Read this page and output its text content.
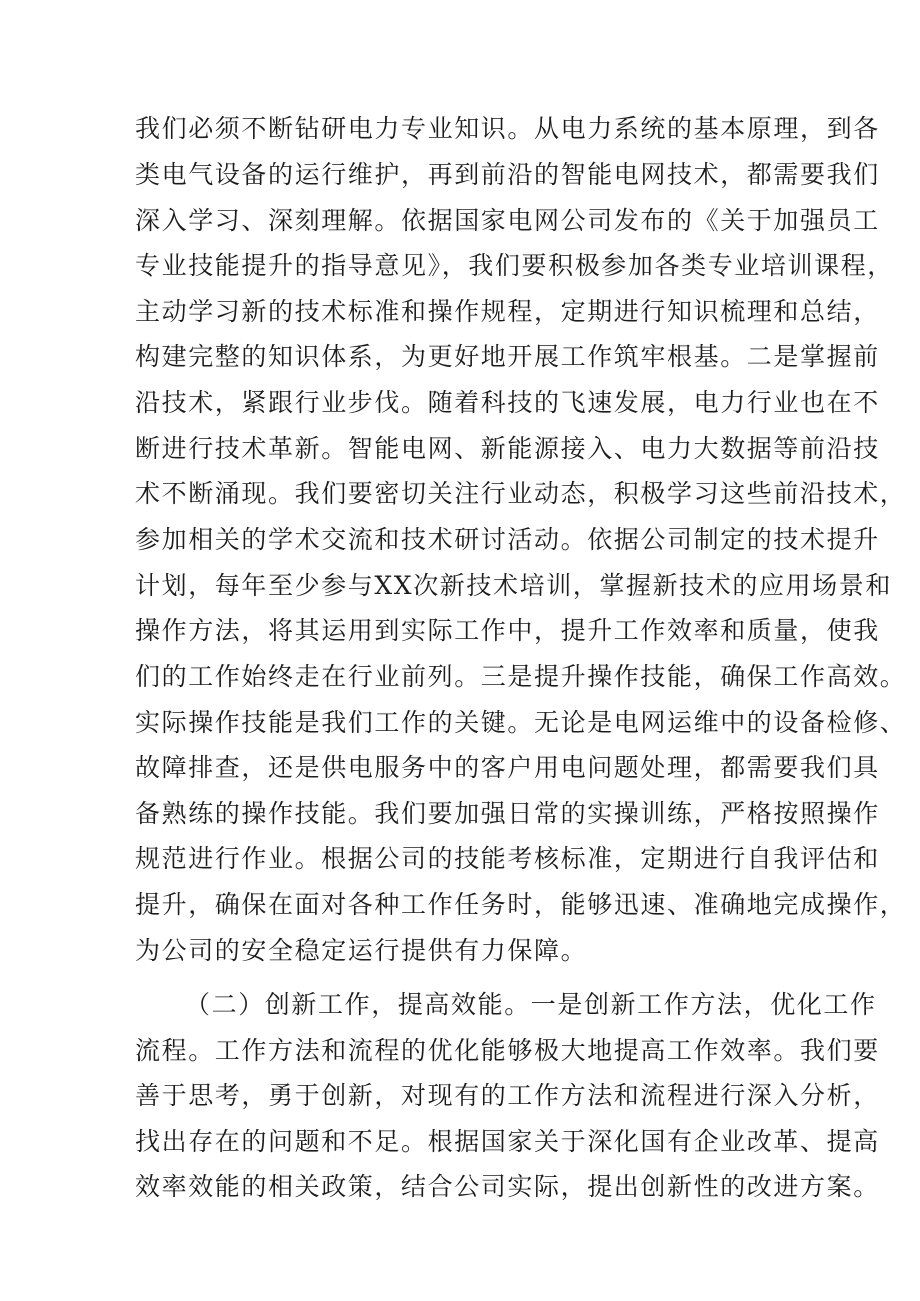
我们必须不断钻研电力专业知识。从电力系统的基本原理，到各
类电气设备的运行维护，再到前沿的智能电网技术，都需要我们
深入学习、深刻理解。依据国家电网公司发布的《关于加强员工
专业技能提升的指导意见》，我们要积极参加各类专业培训课程，
主动学习新的技术标准和操作规程，定期进行知识梳理和总结，
构建完整的知识体系，为更好地开展工作筑牢根基。二是掌握前
沿技术，紧跟行业步伐。随着科技的飞速发展，电力行业也在不
断进行技术革新。智能电网、新能源接入、电力大数据等前沿技
术不断涌现。我们要密切关注行业动态，积极学习这些前沿技术，
参加相关的学术交流和技术研讨活动。依据公司制定的技术提升
计划，每年至少参与XX次新技术培训，掌握新技术的应用场景和
操作方法，将其运用到实际工作中，提升工作效率和质量，使我
们的工作始终走在行业前列。三是提升操作技能，确保工作高效。
实际操作技能是我们工作的关键。无论是电网运维中的设备检修、
故障排查，还是供电服务中的客户用电问题处理，都需要我们具
备熟练的操作技能。我们要加强日常的实操训练，严格按照操作
规范进行作业。根据公司的技能考核标准，定期进行自我评估和
提升，确保在面对各种工作任务时，能够迅速、准确地完成操作，
为公司的安全稳定运行提供有力保障。
（二）创新工作，提高效能。一是创新工作方法，优化工作
流程。工作方法和流程的优化能够极大地提高工作效率。我们要
善于思考，勇于创新，对现有的工作方法和流程进行深入分析，
找出存在的问题和不足。根据国家关于深化国有企业改革、提高
效率效能的相关政策，结合公司实际，提出创新性的改进方案。
